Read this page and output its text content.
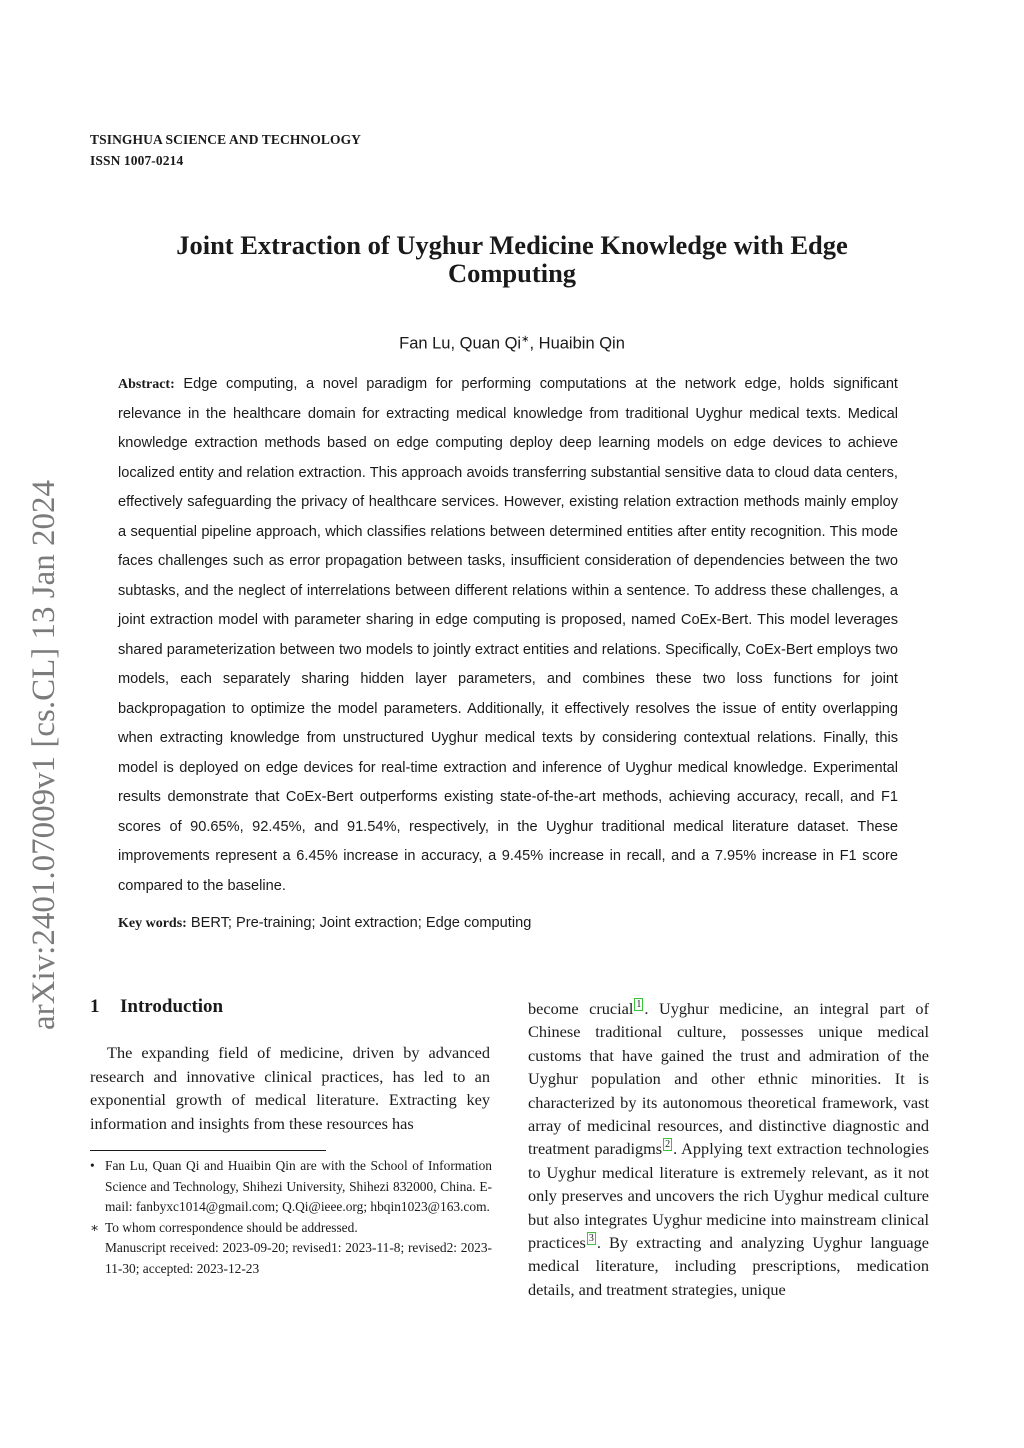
TSINGHUA SCIENCE AND TECHNOLOGY
ISSN 1007-0214
arXiv:2401.07009v1 [cs.CL] 13 Jan 2024
Joint Extraction of Uyghur Medicine Knowledge with Edge Computing
Fan Lu, Quan Qi∗, Huaibin Qin
Abstract: Edge computing, a novel paradigm for performing computations at the network edge, holds significant relevance in the healthcare domain for extracting medical knowledge from traditional Uyghur medical texts. Medical knowledge extraction methods based on edge computing deploy deep learning models on edge devices to achieve localized entity and relation extraction. This approach avoids transferring substantial sensitive data to cloud data centers, effectively safeguarding the privacy of healthcare services. However, existing relation extraction methods mainly employ a sequential pipeline approach, which classifies relations between determined entities after entity recognition. This mode faces challenges such as error propagation between tasks, insufficient consideration of dependencies between the two subtasks, and the neglect of interrelations between different relations within a sentence. To address these challenges, a joint extraction model with parameter sharing in edge computing is proposed, named CoEx-Bert. This model leverages shared parameterization between two models to jointly extract entities and relations. Specifically, CoEx-Bert employs two models, each separately sharing hidden layer parameters, and combines these two loss functions for joint backpropagation to optimize the model parameters. Additionally, it effectively resolves the issue of entity overlapping when extracting knowledge from unstructured Uyghur medical texts by considering contextual relations. Finally, this model is deployed on edge devices for real-time extraction and inference of Uyghur medical knowledge. Experimental results demonstrate that CoEx-Bert outperforms existing state-of-the-art methods, achieving accuracy, recall, and F1 scores of 90.65%, 92.45%, and 91.54%, respectively, in the Uyghur traditional medical literature dataset. These improvements represent a 6.45% increase in accuracy, a 9.45% increase in recall, and a 7.95% increase in F1 score compared to the baseline.
Key words: BERT; Pre-training; Joint extraction; Edge computing
1 Introduction
The expanding field of medicine, driven by advanced research and innovative clinical practices, has led to an exponential growth of medical literature. Extracting key information and insights from these resources has
• Fan Lu, Quan Qi and Huaibin Qin are with the School of Information Science and Technology, Shihezi University, Shihezi 832000, China. E-mail: fanbyxc1014@gmail.com; Q.Qi@ieee.org; hbqin1023@163.com.
∗ To whom correspondence should be addressed.
Manuscript received: 2023-09-20; revised1: 2023-11-8; revised2: 2023-11-30; accepted: 2023-12-23
become crucial 1 . Uyghur medicine, an integral part of Chinese traditional culture, possesses unique medical customs that have gained the trust and admiration of the Uyghur population and other ethnic minorities. It is characterized by its autonomous theoretical framework, vast array of medicinal resources, and distinctive diagnostic and treatment paradigms 2 . Applying text extraction technologies to Uyghur medical literature is extremely relevant, as it not only preserves and uncovers the rich Uyghur medical culture but also integrates Uyghur medicine into mainstream clinical practices 3 . By extracting and analyzing Uyghur language medical literature, including prescriptions, medication details, and treatment strategies, unique
